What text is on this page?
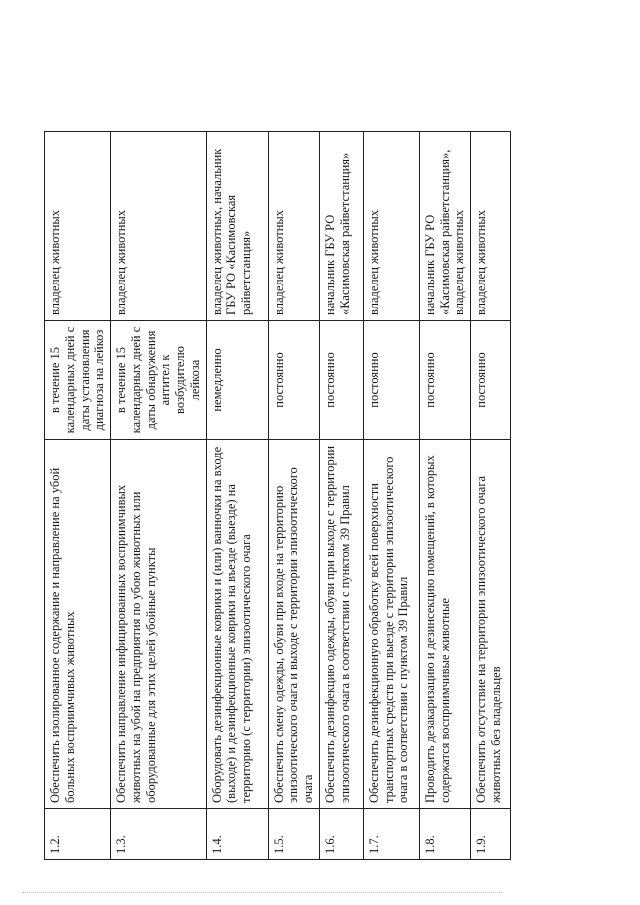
1.2.	Обеспечить изолированное содержание и направление на убой больных восприимчивых животных	в течение 15 календарных дней с даты установления диагноза на лейкоз	владелец животных	
1.3.	Обеспечить направление инфицированных восприимчивых животных на убой на предприятия по убою животных или оборудованные для этих целей убойные пункты	в течение 15 календарных дней с даты обнаружения антител к возбудителю лейкоза	владелец животных	
1.4.	Оборудовать дезинфекционные коврики и (или) ванночки на входе (выходе) и дезинфекционные коврики на въезде (выезде) на территорию (с территории) эпизоотического очага	немедленно	владелец животных, начальник ГБУ РО «Касимовская райветстанция»	
1.5.	Обеспечить смену одежды, обуви при входе на территорию эпизоотического очага и выходе с территории эпизоотического очага	постоянно	владелец животных	
1.6.	Обеспечить дезинфекцию одежды, обуви при выходе с территории эпизоотического очага в соответствии с пунктом 39 Правил	постоянно	начальник ГБУ РО «Касимовская райветстанция»	
1.7.	Обеспечить дезинфекционную обработку всей поверхности транспортных средств при выезде с территории эпизоотического очага в соответствии с пунктом 39 Правил	постоянно	владелец животных	
1.8.	Проводить дезакаризацию и дезинсекцию помещений, в которых содержатся восприимчивые животные	постоянно	начальник ГБУ РО «Касимовская райветстанция», владелец животных	
1.9.	Обеспечить отсутствие на территории эпизоотического очага животных без владельцев	постоянно	владелец животных	
